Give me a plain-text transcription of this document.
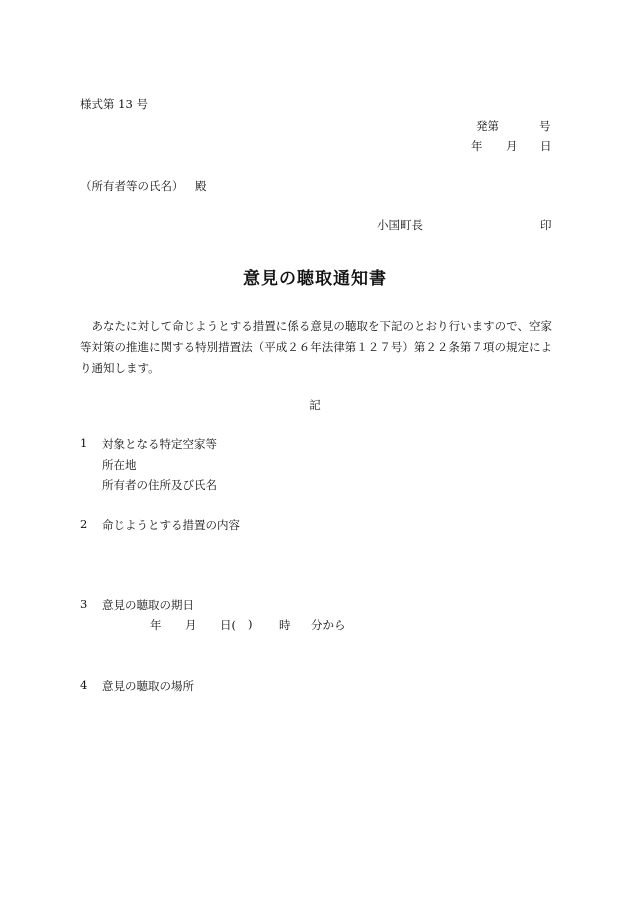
様式第 13 号
発第	号
年 月 日
（所有者等の氏名） 殿
小国町長	印
意見の聴取通知書
あなたに対して命じようとする措置に係る意見の聴取を下記のとおり行いますので、空家等対策の推進に関する特別措置法（平成２６年法律第１２７号）第２２条第７項の規定により通知します。
記
1 対象となる特定空家等
所在地
所有者の住所及び氏名
2 命じようとする措置の内容
3 意見の聴取の期日
年 月 日( ) 時 分から
4 意見の聴取の場所
